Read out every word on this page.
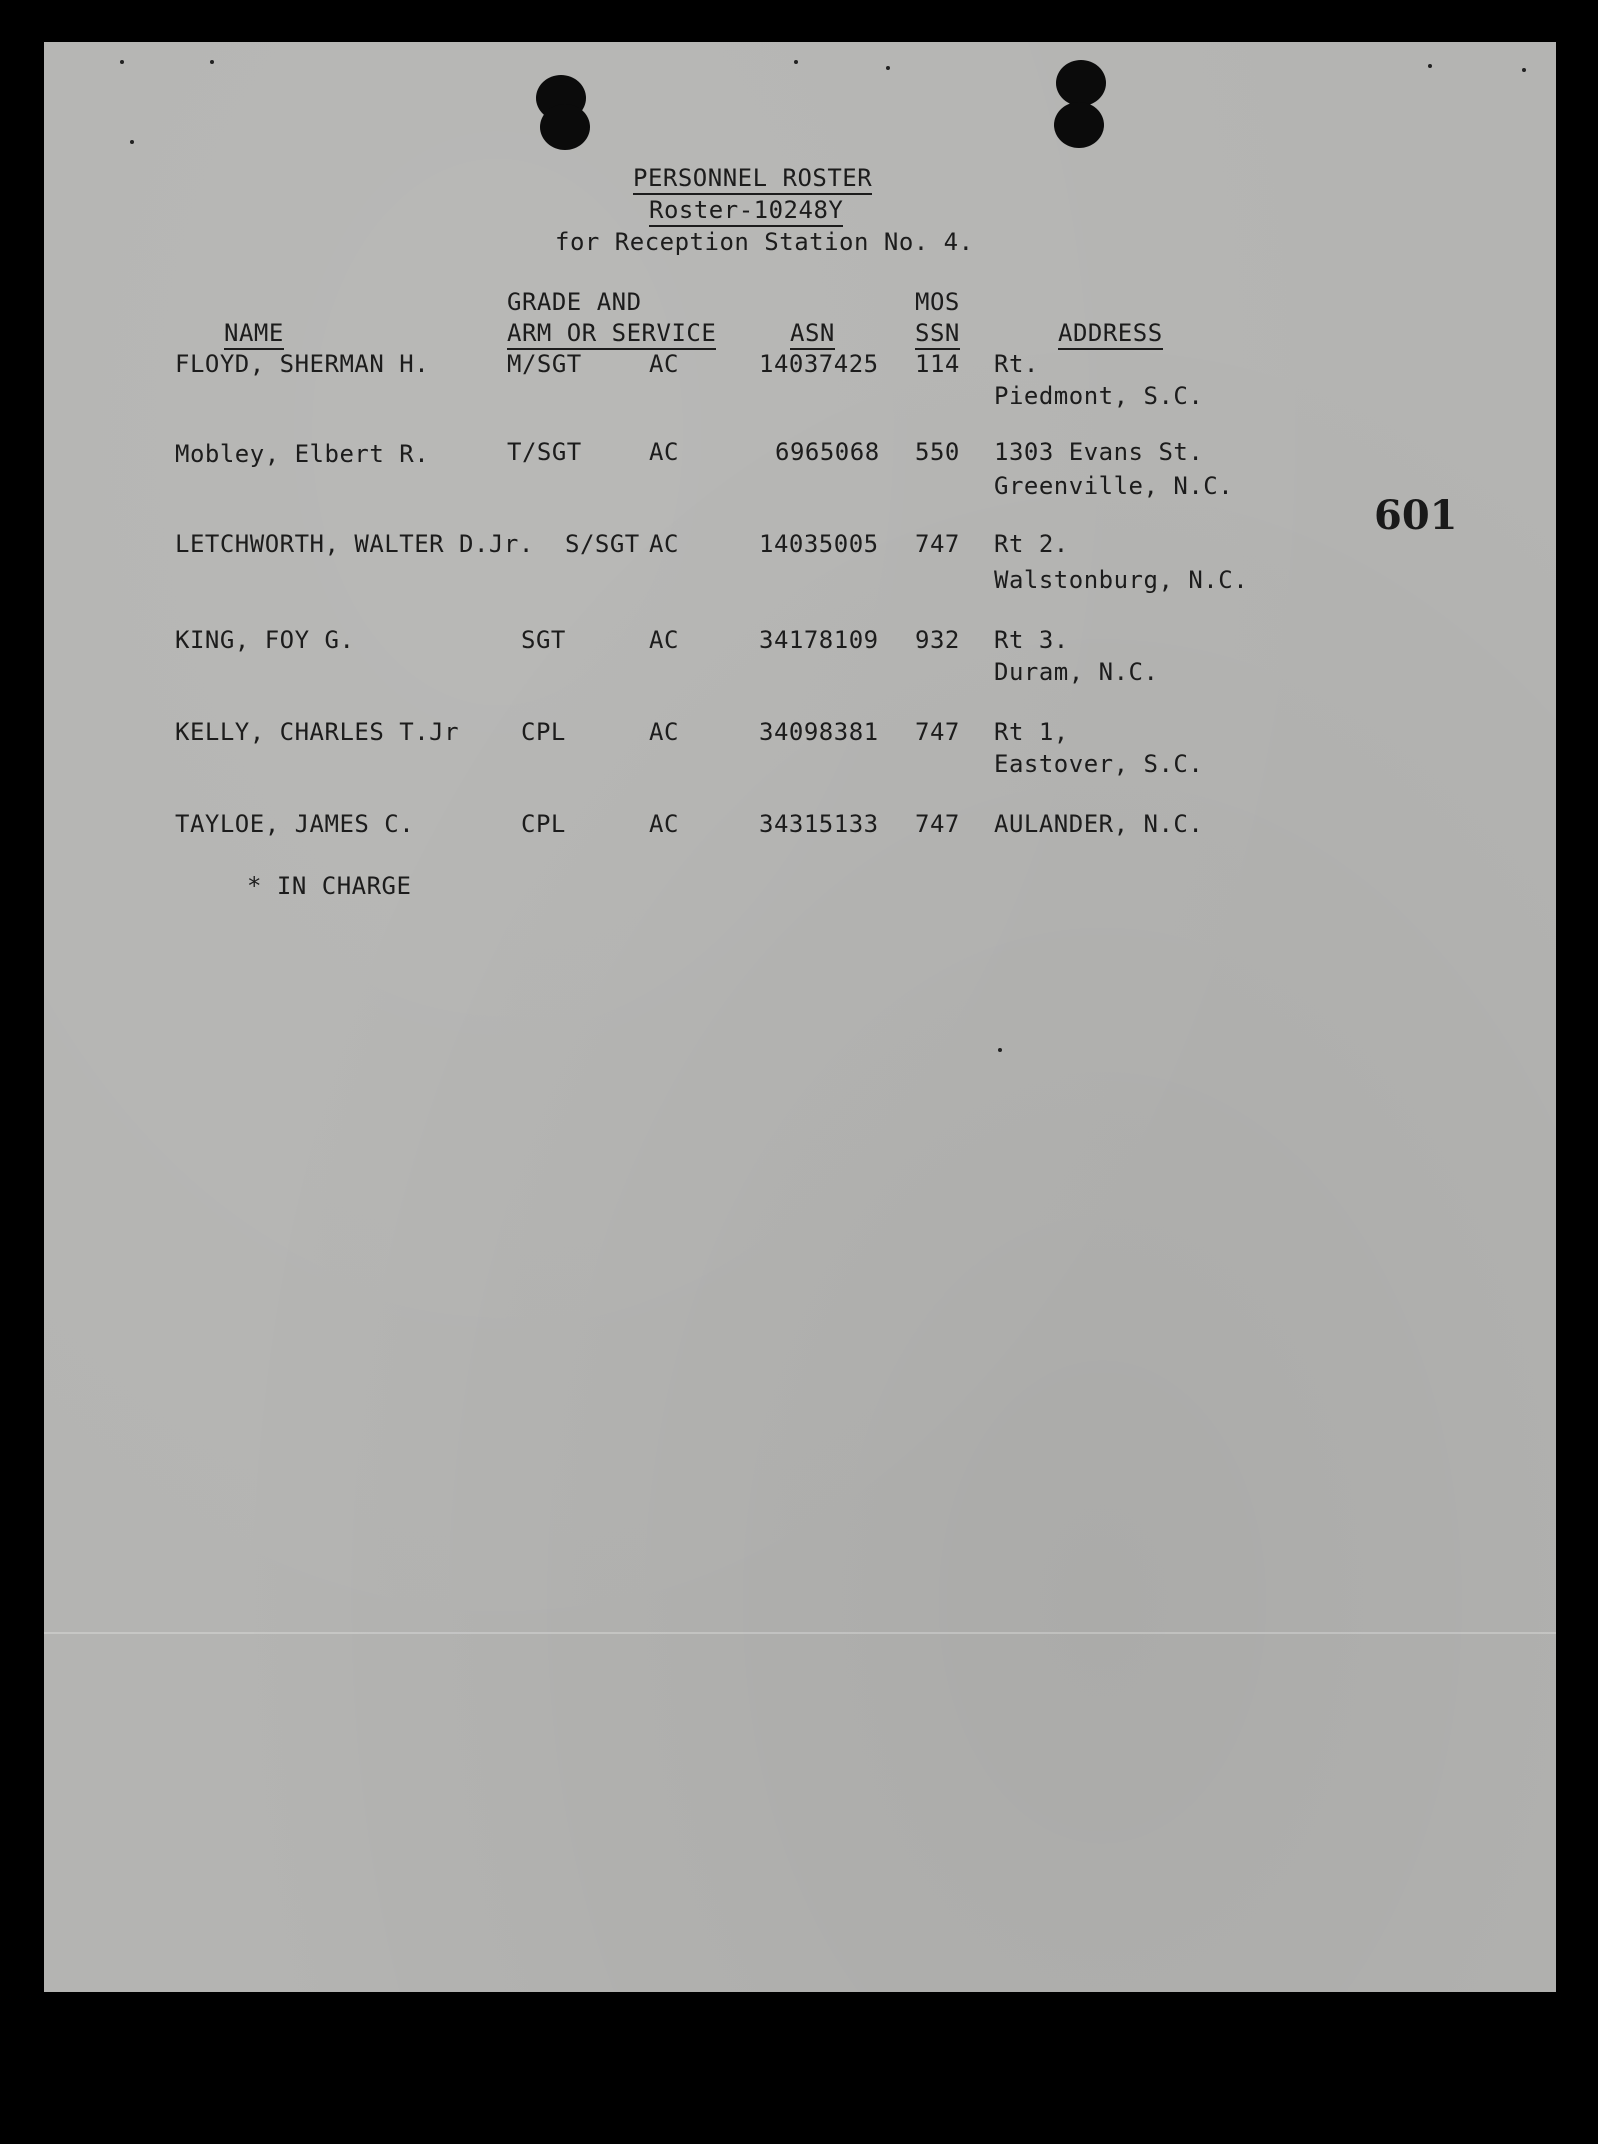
PERSONNEL ROSTER
Roster-10248Y
for Reception Station No. 4.
601
GRADE AND	MOS
NAME	ARM OR SERVICE	ASN	SSN	ADDRESS
FLOYD, SHERMAN H.	M/SGT	AC	14037425 114 Rt.
Piedmont, S.C.
Mobley, Elbert R.	T/SGT	AC	6965068 550 1303 Evans St.
Greenville, N.C.
LETCHWORTH, WALTER D.Jr. S/SGT AC	14035005 747 Rt 2.
Walstonburg, N.C.
KING, FOY G.	SGT	AC	34178109 932 Rt 3.
Duram, N.C.
KELLY, CHARLES T.Jr	CPL	AC	34098381 747 Rt 1,
Eastover, S.C.
TAYLOE, JAMES C.	CPL	AC	34315133 747 AULANDER, N.C.
* IN CHARGE
